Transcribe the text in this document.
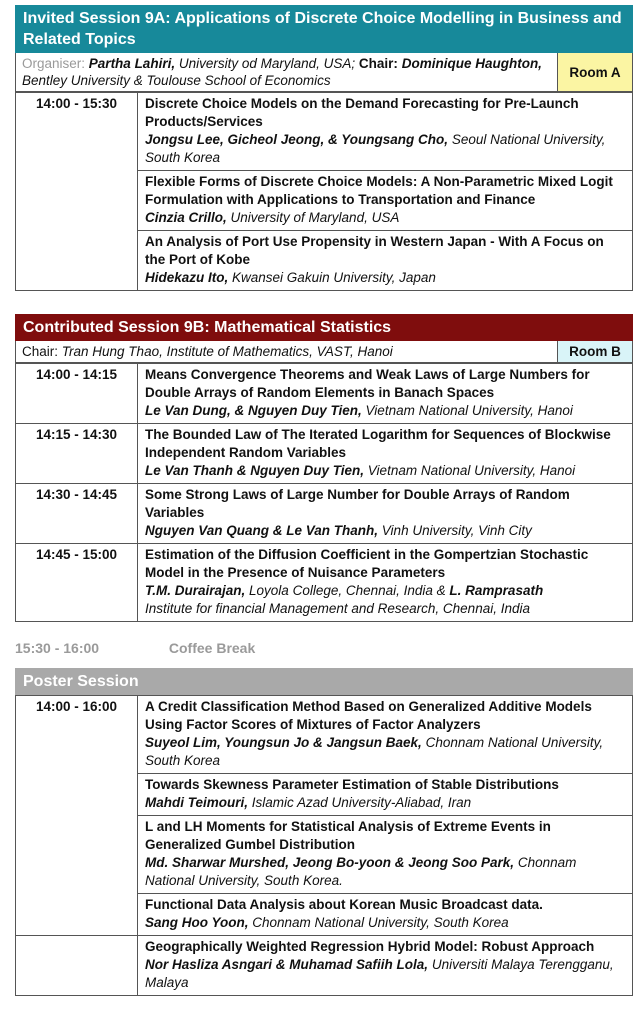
Invited Session 9A: Applications of Discrete Choice Modelling in Business and Related Topics
Organiser: Partha Lahiri, University od Maryland, USA; Chair: Dominique Haughton, Bentley University & Toulouse School of Economics
Room A
14:00 - 15:30	Discrete Choice Models on the Demand Forecasting for Pre-Launch Products/Services
Jongsu Lee, Gicheol Jeong, & Youngsang Cho, Seoul National University, South Korea

Flexible Forms of Discrete Choice Models: A Non-Parametric Mixed Logit Formulation with Applications to Transportation and Finance
Cinzia Crillo, University of Maryland, USA

An Analysis of Port Use Propensity in Western Japan - With A Focus on the Port of Kobe
Hidekazu Ito, Kwansei Gakuin University, Japan
Contributed Session 9B: Mathematical Statistics
Chair: Tran Hung Thao, Institute of Mathematics, VAST, Hanoi	Room B
14:00 - 14:15	Means Convergence Theorems and Weak Laws of Large Numbers for Double Arrays of Random Elements in Banach Spaces
Le Van Dung, & Nguyen Duy Tien, Vietnam National University, Hanoi

14:15 - 14:30	The Bounded Law of The Iterated Logarithm for Sequences of Blockwise Independent Random Variables
Le Van Thanh & Nguyen Duy Tien, Vietnam National University, Hanoi

14:30 - 14:45	Some Strong Laws of Large Number for Double Arrays of Random Variables
Nguyen Van Quang & Le Van Thanh, Vinh University, Vinh City

14:45 - 15:00	Estimation of the Diffusion Coefficient in the Gompertzian Stochastic Model in the Presence of Nuisance Parameters
T.M. Durairajan, Loyola College, Chennai, India & L. Ramprasath
Institute for financial Management and Research, Chennai, India
15:30 - 16:00	Coffee Break
Poster Session
14:00 - 16:00	A Credit Classification Method Based on Generalized Additive Models Using Factor Scores of Mixtures of Factor Analyzers
Suyeol Lim, Youngsun Jo & Jangsun Baek, Chonnam National University, South Korea

	Towards Skewness Parameter Estimation of Stable Distributions
Mahdi Teimouri, Islamic Azad University-Aliabad, Iran

	L and LH Moments for Statistical Analysis of Extreme Events in Generalized Gumbel Distribution
Md. Sharwar Murshed, Jeong Bo-yoon & Jeong Soo Park, Chonnam National University, South Korea.

	Functional Data Analysis about Korean Music Broadcast data.
Sang Hoo Yoon, Chonnam National University, South Korea

	Geographically Weighted Regression Hybrid Model: Robust Approach
Nor Hasliza Asngari & Muhamad Safiih Lola, Universiti Malaya Terengganu, Malaya
